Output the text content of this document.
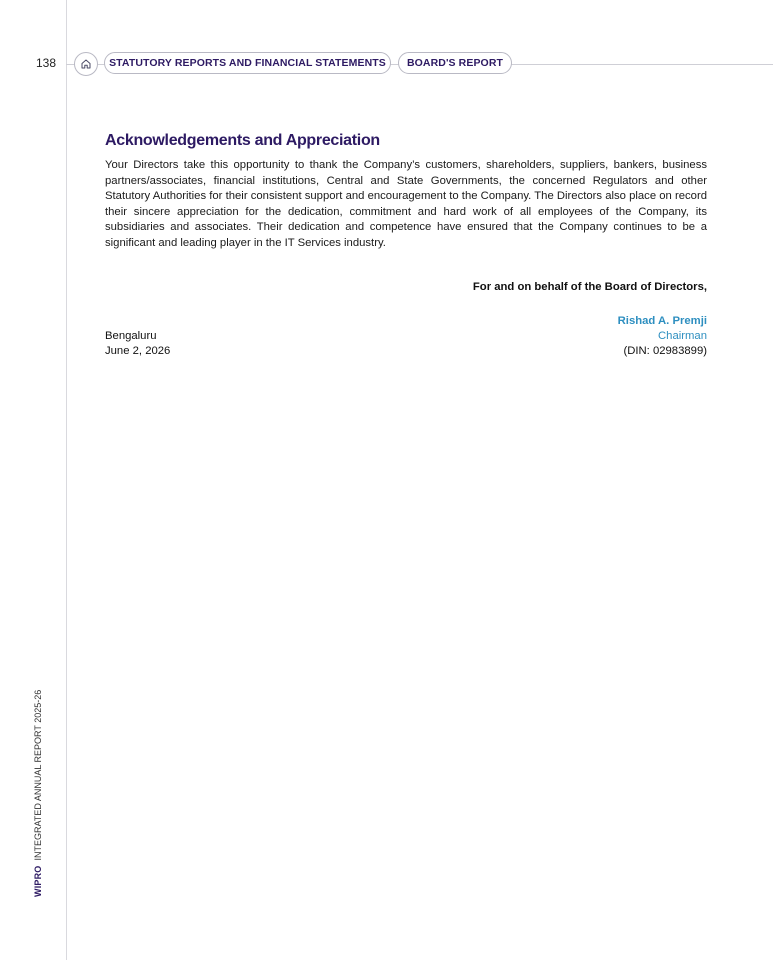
138	STATUTORY REPORTS AND FINANCIAL STATEMENTS	BOARD'S REPORT
Acknowledgements and Appreciation

Your Directors take this opportunity to thank the Company’s customers, shareholders, suppliers, bankers, business partners/associates, financial institutions, Central and State Governments, the concerned Regulators and other Statutory Authorities for their consistent support and encouragement to the Company. The Directors also place on record their sincere appreciation for the dedication, commitment and hard work of all employees of the Company, its subsidiaries and associates. Their dedication and competence have ensured that the Company continues to be a significant and leading player in the IT Services industry.

For and on behalf of the Board of Directors,
Rishad A. Premji
Chairman
(DIN: 02983899)
Bengaluru
June 2, 2026
WIPROINTEGRATED ANNUAL REPORT 2025-26
